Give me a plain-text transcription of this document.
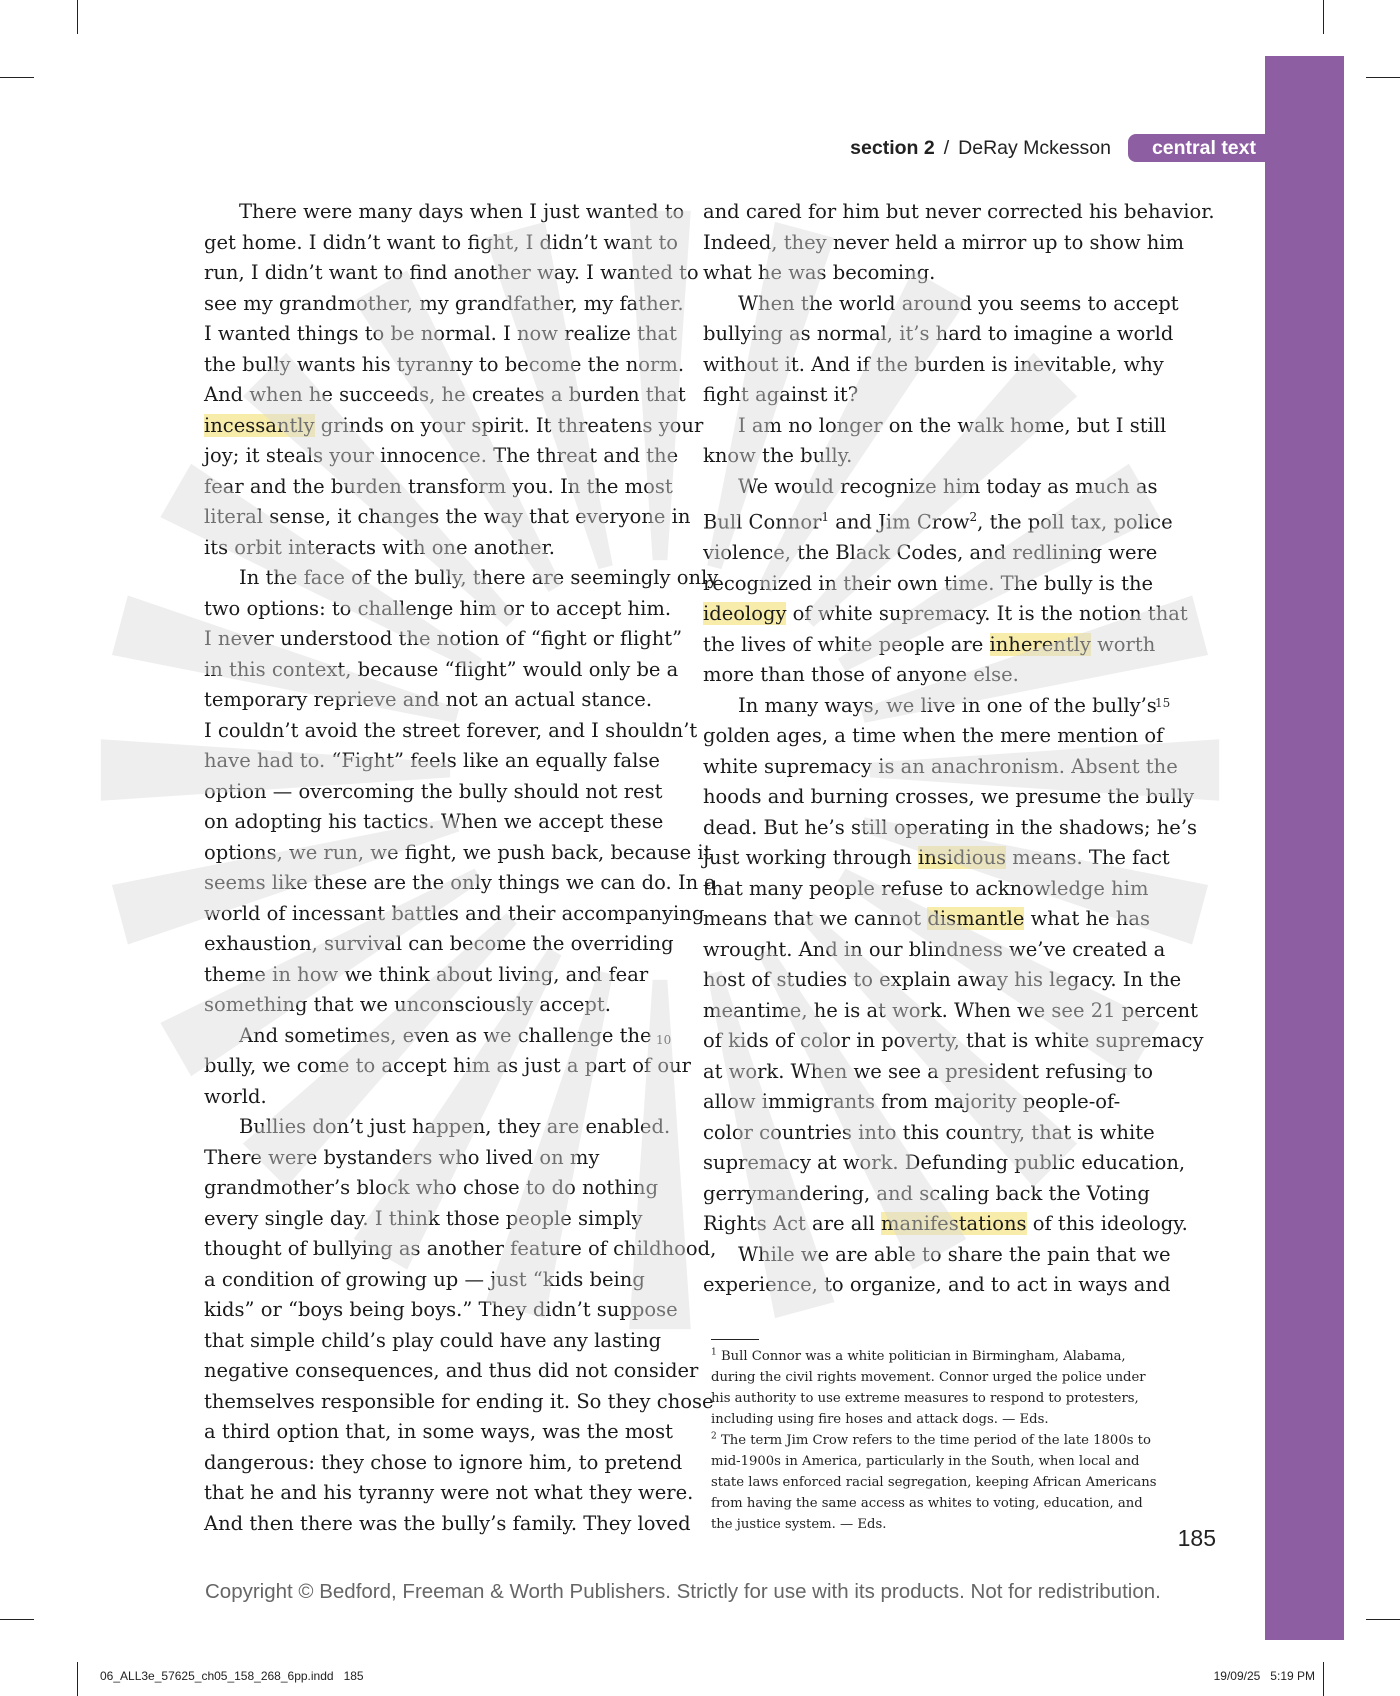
section 2 / DeRay Mckesson	central text

There were many days when I just wanted to

get home. I didn’t want to fight, I didn’t want to

run, I didn’t want to find another way. I wanted to

see my grandmother, my grandfather, my father.

I wanted things to be normal. I now realize that

the bully wants his tyranny to become the norm.

And when he succeeds, he creates a burden that

incessantly grinds on your spirit. It threatens your

joy; it steals your innocence. The threat and the

fear and the burden transform you. In the most

literal sense, it changes the way that everyone in

its orbit interacts with one another.

In the face of the bully, there are seemingly only

two options: to challenge him or to accept him.

I never understood the notion of “fight or flight”

in this context, because “flight” would only be a

temporary reprieve and not an actual stance.

I couldn’t avoid the street forever, and I shouldn’t

have had to. “Fight” feels like an equally false

option — overcoming the bully should not rest

on adopting his tactics. When we accept these

options, we run, we fight, we push back, because it

seems like these are the only things we can do. In a

world of incessant battles and their accompanying

exhaustion, survival can become the overriding

theme in how we think about living, and fear

something that we unconsciously accept.

And sometimes, even as we challenge the

bully, we come to accept him as just a part of our

world.

Bullies don’t just happen, they are enabled.

There were bystanders who lived on my

grandmother’s block who chose to do nothing

every single day. I think those people simply

thought of bullying as another feature of childhood,

a condition of growing up — just “kids being

kids” or “boys being boys.” They didn’t suppose

that simple child’s play could have any lasting

negative consequences, and thus did not consider

themselves responsible for ending it. So they chose

a third option that, in some ways, was the most

dangerous: they chose to ignore him, to pretend

that he and his tyranny were not what they were.

And then there was the bully’s family. They loved

and cared for him but never corrected his behavior.

Indeed, they never held a mirror up to show him

what he was becoming.

When the world around you seems to accept

bullying as normal, it’s hard to imagine a world

without it. And if the burden is inevitable, why

fight against it?

I am no longer on the walk home, but I still

know the bully.

We would recognize him today as much as

Bull Connor$^1$ and Jim Crow$^2$, the poll tax, police

violence, the Black Codes, and redlining were

recognized in their own time. The bully is the

ideology of white supremacy. It is the notion that

the lives of white people are inherently worth

more than those of anyone else.

In many ways, we live in one of the bully’s

golden ages, a time when the mere mention of

white supremacy is an anachronism. Absent the

hoods and burning crosses, we presume the bully

dead. But he’s still operating in the shadows; he’s

just working through insidious means. The fact

that many people refuse to acknowledge him

means that we cannot dismantle what he has

wrought. And in our blindness we’ve created a

host of studies to explain away his legacy. In the

meantime, he is at work. When we see 21 percent

of kids of color in poverty, that is white supremacy

at work. When we see a president refusing to

allow immigrants from majority people-of-

color countries into this country, that is white

supremacy at work. Defunding public education,

gerrymandering, and scaling back the Voting

Rights Act are all manifestations of this ideology.

While we are able to share the pain that we

experience, to organize, and to act in ways and

10
15

$^1$ Bull Connor was a white politician in Birmingham, Alabama,

during the civil rights movement. Connor urged the police under

his authority to use extreme measures to respond to protesters,

including using fire hoses and attack dogs. — Eds.

$^2$ The term Jim Crow refers to the time period of the late 1800s to

mid-1900s in America, particularly in the South, when local and

state laws enforced racial segregation, keeping African Americans

from having the same access as whites to voting, education, and

the justice system. — Eds.

185
Copyright © Bedford, Freeman & Worth Publishers. Strictly for use with its products. Not for redistribution.
06_ALL3e_57625_ch05_158_268_6pp.indd   185	19/09/25   5:19 PM
